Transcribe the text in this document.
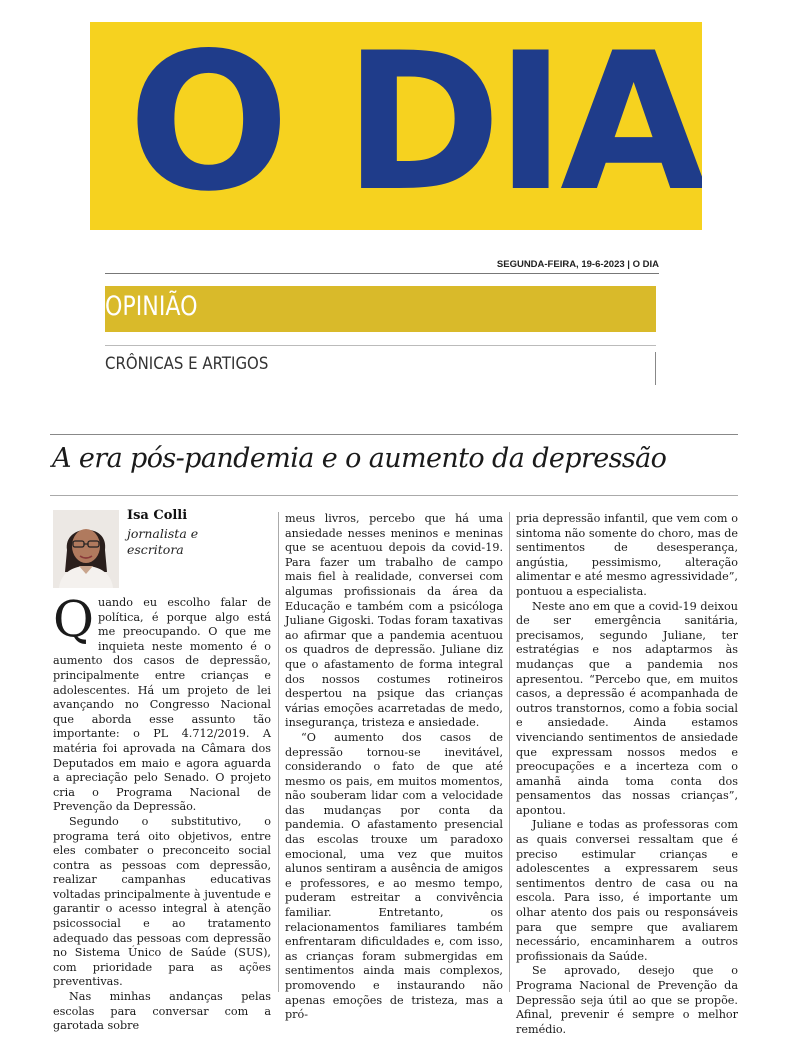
O DIA
SEGUNDA-FEIRA, 19-6-2023 | O DIA
OPINIÃO
CRÔNICAS E ARTIGOS
A era pós-pandemia e o aumento da depressão
Isa Colli
jornalista e
escritora

Quando eu escolho falar de política, é porque algo está me preocupando. O que me inquieta neste momento é o aumento dos casos de depressão, principalmente entre crianças e adolescentes. Há um projeto de lei avançando no Congresso Nacional que aborda esse assunto tão importante: o PL 4.712/2019. A matéria foi aprovada na Câmara dos Deputados em maio e agora aguarda a apreciação pelo Senado. O projeto cria o Programa Nacional de Prevenção da Depressão.

Segundo o substitutivo, o programa terá oito objetivos, entre eles combater o preconceito social contra as pessoas com depressão, realizar campanhas educativas voltadas principalmente à juventude e garantir o acesso integral à atenção psicossocial e ao tratamento adequado das pessoas com depressão no Sistema Único de Saúde (SUS), com prioridade para as ações preventivas.

Nas minhas andanças pelas escolas para conversar com a garotada sobre

meus livros, percebo que há uma ansiedade nesses meninos e meninas que se acentuou depois da covid-19. Para fazer um trabalho de campo mais fiel à realidade, conversei com algumas profissionais da área da Educação e também com a psicóloga Juliane Gigoski. Todas foram taxativas ao afirmar que a pandemia acentuou os quadros de depressão. Juliane diz que o afastamento de forma integral dos nossos costumes rotineiros despertou na psique das crianças várias emoções acarretadas de medo, insegurança, tristeza e ansiedade.

“O aumento dos casos de depressão tornou-se inevitável, considerando o fato de que até mesmo os pais, em muitos momentos, não souberam lidar com a velocidade das mudanças por conta da pandemia. O afastamento presencial das escolas trouxe um paradoxo emocional, uma vez que muitos alunos sentiram a ausência de amigos e professores, e ao mesmo tempo, puderam estreitar a convivência familiar. Entretanto, os relacionamentos familiares também enfrentaram dificuldades e, com isso, as crianças foram submergidas em sentimentos ainda mais complexos, promovendo e instaurando não apenas emoções de tristeza, mas a pró-

pria depressão infantil, que vem com o sintoma não somente do choro, mas de sentimentos de desesperança, angústia, pessimismo, alteração alimentar e até mesmo agressividade”, pontuou a especialista.

Neste ano em que a covid-19 deixou de ser emergência sanitária, precisamos, segundo Juliane, ter estratégias e nos adaptarmos às mudanças que a pandemia nos apresentou. “Percebo que, em muitos casos, a depressão é acompanhada de outros transtornos, como a fobia social e ansiedade. Ainda estamos vivenciando sentimentos de ansiedade que expressam nossos medos e preocupações e a incerteza com o amanhã ainda toma conta dos pensamentos das nossas crianças”, apontou.

Juliane e todas as professoras com as quais conversei ressaltam que é preciso estimular crianças e adolescentes a expressarem seus sentimentos dentro de casa ou na escola. Para isso, é importante um olhar atento dos pais ou responsáveis para que sempre que avaliarem necessário, encaminharem a outros profissionais da Saúde.

Se aprovado, desejo que o Programa Nacional de Prevenção da Depressão seja útil ao que se propõe. Afinal, prevenir é sempre o melhor remédio.
